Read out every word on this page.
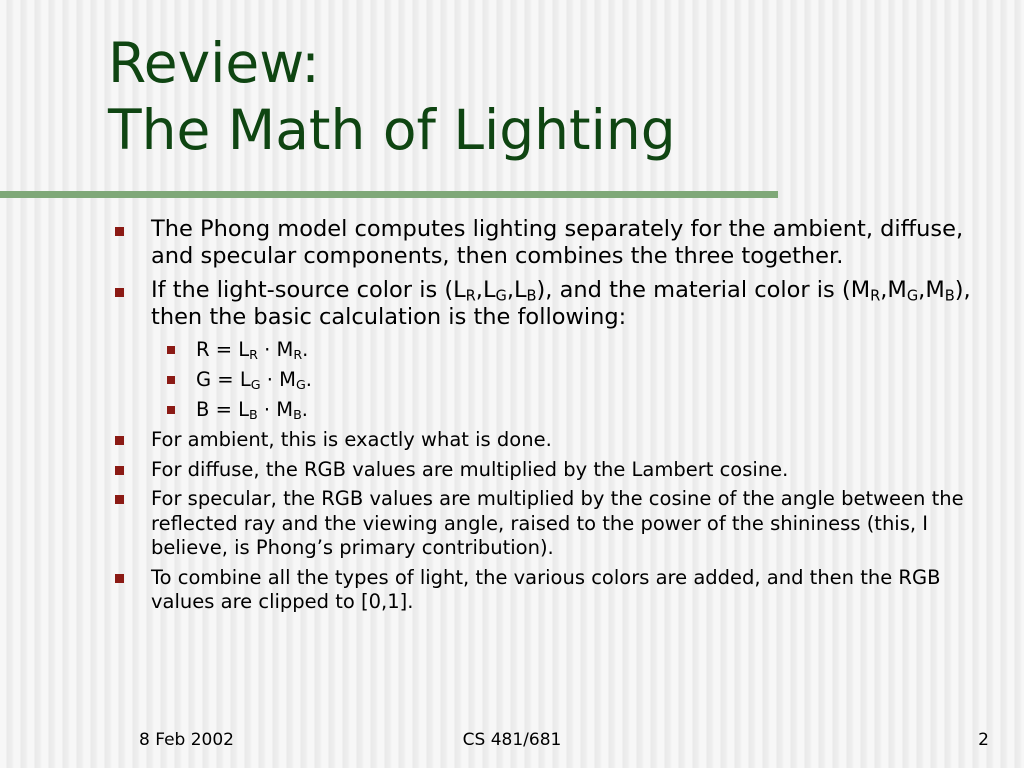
Review:
The Math of Lighting
The Phong model computes lighting separately for the ambient, diffuse, and specular components, then combines the three together.
If the light-source color is $(L_R,L_G,L_B)$, and the material color is $(M_R,M_G,M_B)$, then the basic calculation is the following:
$R = L_R \cdot M_R$.
$G = L_G \cdot M_G$.
$B = L_B \cdot M_B$.
For ambient, this is exactly what is done.
For diffuse, the RGB values are multiplied by the Lambert cosine.
For specular, the RGB values are multiplied by the cosine of the angle between the reflected ray and the viewing angle, raised to the power of the shininess (this, I believe, is Phong’s primary contribution).
To combine all the types of light, the various colors are added, and then the RGB values are clipped to [0,1].
8 Feb 2002	CS 481/681	2
